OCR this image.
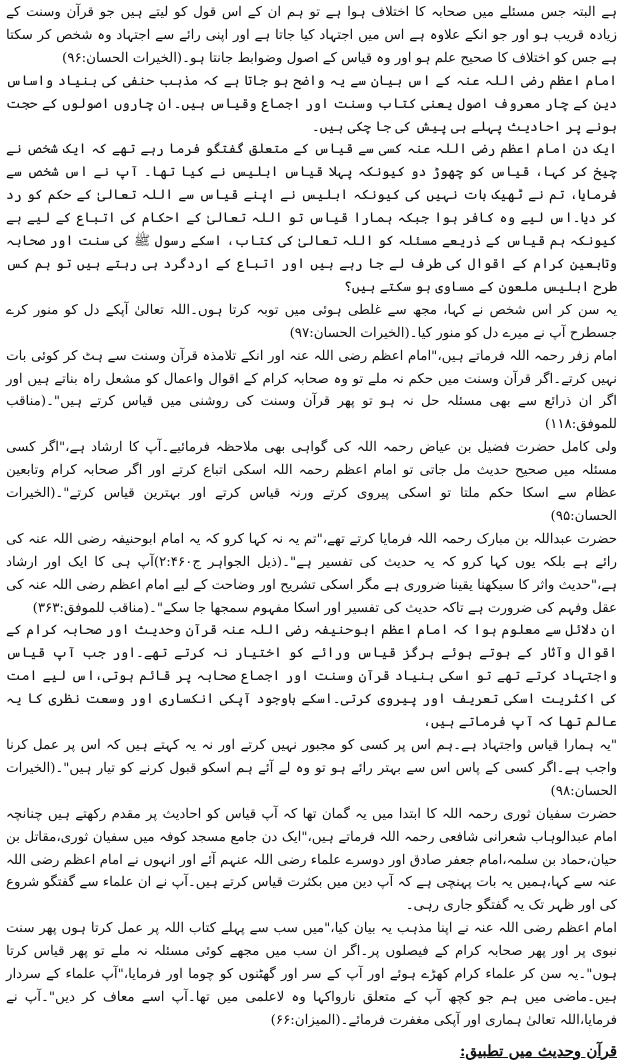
ہے البتہ جس مسئلے میں صحابہ کا اختلاف ہوا ہے تو ہم ان کے اس قول کو لیتے ہیں جو قرآن وسنت کے زیادہ قریب ہو اور جو انکے علاوہ ہے اس میں اجتہاد کیا جاتا ہے اور اپنی رائے سے اجتہاد وہ شخص کر سکتا ہے جس کو اختلاف کا صحیح علم ہو اور وہ قیاس کے اصول وضوابط جانتا ہو۔(الخیرات الحسان:۹۶)

امام اعظم رضی اللہ عنہ کے اس بیان سے یہ واضح ہو جاتا ہے کہ مذہب حنفی کی بنیاد واساس دین کے چار معروف اصول یعنی کتاب وسنت اور اجماع وقیاس ہیں۔ان چاروں اصولوں کے حجت ہونے پر احادیث پہلے ہی پیش کی جا چکی ہیں۔

ایک دن امام اعظم رضی اللہ عنہ کسی سے قیاس کے متعلق گفتگو فرما رہے تھے کہ ایک شخص نے چیخ کر کہا، قیاس کو چھوڑ دو کیونکہ پہلا قیاس ابلیس نے کیا تھا۔ آپ نے اس شخص سے فرمایا، تم نے ٹھیک بات نہیں کی کیونکہ ابلیس نے اپنے قیاس سے اللہ تعالیٰ کے حکم کو رد کر دیا۔اس لیے وہ کافر ہوا جبکہ ہمارا قیاس تو اللہ تعالیٰ کے احکام کی اتباع کے لیے ہے کیونکہ ہم قیاس کے ذریعے مسئلہ کو اللہ تعالیٰ کی کتاب، اسکے رسول ﷺ کی سنت اور صحابہ وتابعین کرام کے اقوال کی طرف لے جا رہے ہیں اور اتباع کے اردگرد ہی رہتے ہیں تو ہم کس طرح ابلیس ملعون کے مساوی ہو سکتے ہیں؟

یہ سن کر اس شخص نے کہا، مجھ سے غلطی ہوئی میں توبہ کرتا ہوں۔اللہ تعالیٰ آپکے دل کو منور کرے جسطرح آپ نے میرے دل کو منور کیا۔(الخیرات الحسان:۹۷)

امام زفر رحمہ اللہ فرماتے ہیں،"امام اعظم رضی اللہ عنہ اور انکے تلامذہ قرآن وسنت سے ہٹ کر کوئی بات نہیں کرتے۔اگر قرآن وسنت میں حکم نہ ملے تو وہ صحابہ کرام کے اقوال واعمال کو مشعل راہ بناتے ہیں اور اگر ان ذرائع سے بھی مسئلہ حل نہ ہو تو پھر قرآن وسنت کی روشنی میں قیاس کرتے ہیں"۔(مناقب للموفق:۱۱۸)

ولی کامل حضرت فضیل بن عیاض رحمہ اللہ کی گواہی بھی ملاحظہ فرمائیے۔آپ کا ارشاد ہے،"اگر کسی مسئلہ میں صحیح حدیث مل جاتی تو امام اعظم رحمہ اللہ اسکی اتباع کرتے اور اگر صحابہ کرام وتابعین عظام سے اسکا حکم ملتا تو اسکی پیروی کرتے ورنہ قیاس کرتے اور بہترین قیاس کرتے"۔(الخیرات الحسان:۹۵)

حضرت عبداللہ بن مبارک رحمہ اللہ فرمایا کرتے تھے،"تم یہ نہ کہا کرو کہ یہ امام ابوحنیفہ رضی اللہ عنہ کی رائے ہے بلکہ یوں کہا کرو کہ یہ حدیث کی تفسیر ہے"۔(ذیل الجواہر ج۲:۴۶۰)آپ ہی کا ایک اور ارشاد ہے،"حدیث واثر کا سیکھنا یقینا ضروری ہے مگر اسکی تشریح اور وضاحت کے لیے امام اعظم رضی اللہ عنہ کی عقل وفہم کی ضرورت ہے تاکہ حدیث کی تفسیر اور اسکا مفہوم سمجھا جا سکے"۔(مناقب للموفق:۳۶۳)

ان دلائل سے معلوم ہوا کہ امام اعظم ابوحنیفہ رضی اللہ عنہ قرآن وحدیث اور صحابہ کرام کے اقوال وآثار کے ہوتے ہوئے ہرگز قیاس ورائے کو اختیار نہ کرتے تھے۔اور جب آپ قیاس واجتہاد کرتے تھے تو اسکی بنیاد قرآن وسنت اور اجماع صحابہ پر قائم ہوتی،اس لیے امت کی اکثریت اسکی تعریف اور پیروی کرتی۔اسکے باوجود آپکی انکساری اور وسعت نظری کا یہ عالم تھا کہ آپ فرماتے ہیں،

"یہ ہمارا قیاس واجتہاد ہے۔ہم اس پر کسی کو مجبور نہیں کرتے اور نہ یہ کہتے ہیں کہ اس پر عمل کرنا واجب ہے۔اگر کسی کے پاس اس سے بہتر رائے ہو تو وہ لے آئے ہم اسکو قبول کرنے کو تیار ہیں"۔(الخیرات الحسان:۹۸)

حضرت سفیان ثوری رحمہ اللہ کا ابتدا میں یہ گمان تھا کہ آپ قیاس کو احادیث پر مقدم رکھتے ہیں چنانچہ امام عبدالوہاب شعرانی شافعی رحمہ اللہ فرماتے ہیں،"ایک دن جامع مسجد کوفہ میں سفیان ثوری،مقاتل بن حیان،حماد بن سلمہ،امام جعفر صادق اور دوسرے علماء رضی اللہ عنہم آئے اور انہوں نے امام اعظم رضی اللہ عنہ سے کہا،ہمیں یہ بات پہنچی ہے کہ آپ دین میں بکثرت قیاس کرتے ہیں۔آپ نے ان علماء سے گفتگو شروع کی اور ظہر تک یہ گفتگو جاری رہی۔

امام اعظم رضی اللہ عنہ نے اپنا مذہب یہ بیان کیا،"میں سب سے پہلے کتاب اللہ پر عمل کرتا ہوں پھر سنت نبوی پر اور پھر صحابہ کرام کے فیصلوں پر۔اگر ان سب میں مجھے کوئی مسئلہ نہ ملے تو پھر قیاس کرتا ہوں"۔یہ سن کر علماء کرام کھڑے ہوئے اور آپ کے سر اور گھٹنوں کو چوما اور فرمایا،"آپ علماء کے سردار ہیں۔ماضی میں ہم جو کچھ آپ کے متعلق نارواکہا وہ لاعلمی میں تھا۔آپ اسے معاف کر دیں"۔آپ نے فرمایا،اللہ تعالیٰ ہماری اور آپکی مغفرت فرمائے۔(المیزان:۶۶)

قرآن وحدیث میں تطبیق:
